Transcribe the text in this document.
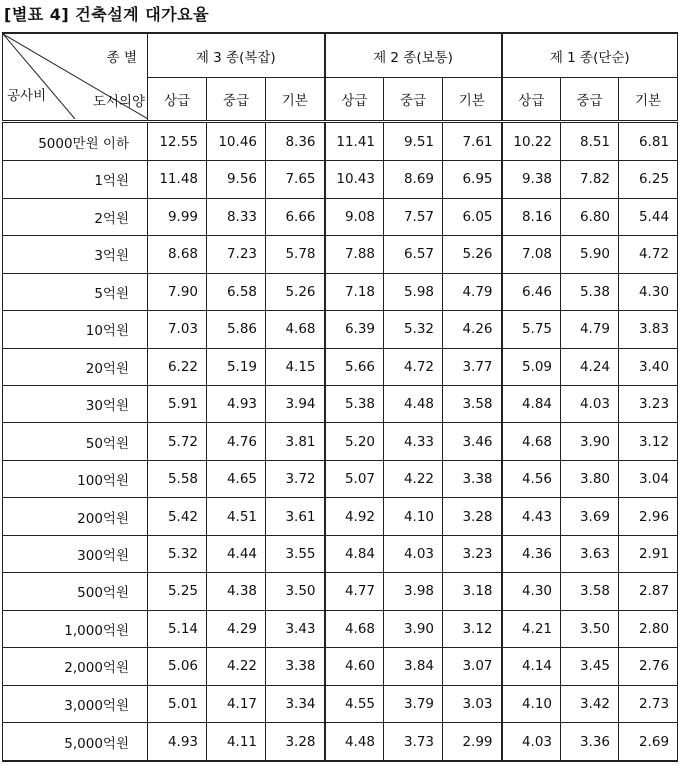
[별표 4] 건축설계 대가요율
종 별
공사비 도서의양	제 3 종(복잡)			제 2 종(보통)			제 1 종(단순)		
	상급	중급	기본	상급	중급	기본	상급	중급	기본
5000만원 이하	12.55	10.46	8.36	11.41	9.51	7.61	10.22	8.51	6.81
1억원	11.48	9.56	7.65	10.43	8.69	6.95	9.38	7.82	6.25
2억원	9.99	8.33	6.66	9.08	7.57	6.05	8.16	6.80	5.44
3억원	8.68	7.23	5.78	7.88	6.57	5.26	7.08	5.90	4.72
5억원	7.90	6.58	5.26	7.18	5.98	4.79	6.46	5.38	4.30
10억원	7.03	5.86	4.68	6.39	5.32	4.26	5.75	4.79	3.83
20억원	6.22	5.19	4.15	5.66	4.72	3.77	5.09	4.24	3.40
30억원	5.91	4.93	3.94	5.38	4.48	3.58	4.84	4.03	3.23
50억원	5.72	4.76	3.81	5.20	4.33	3.46	4.68	3.90	3.12
100억원	5.58	4.65	3.72	5.07	4.22	3.38	4.56	3.80	3.04
200억원	5.42	4.51	3.61	4.92	4.10	3.28	4.43	3.69	2.96
300억원	5.32	4.44	3.55	4.84	4.03	3.23	4.36	3.63	2.91
500억원	5.25	4.38	3.50	4.77	3.98	3.18	4.30	3.58	2.87
1,000억원	5.14	4.29	3.43	4.68	3.90	3.12	4.21	3.50	2.80
2,000억원	5.06	4.22	3.38	4.60	3.84	3.07	4.14	3.45	2.76
3,000억원	5.01	4.17	3.34	4.55	3.79	3.03	4.10	3.42	2.73
5,000억원	4.93	4.11	3.28	4.48	3.73	2.99	4.03	3.36	2.69
